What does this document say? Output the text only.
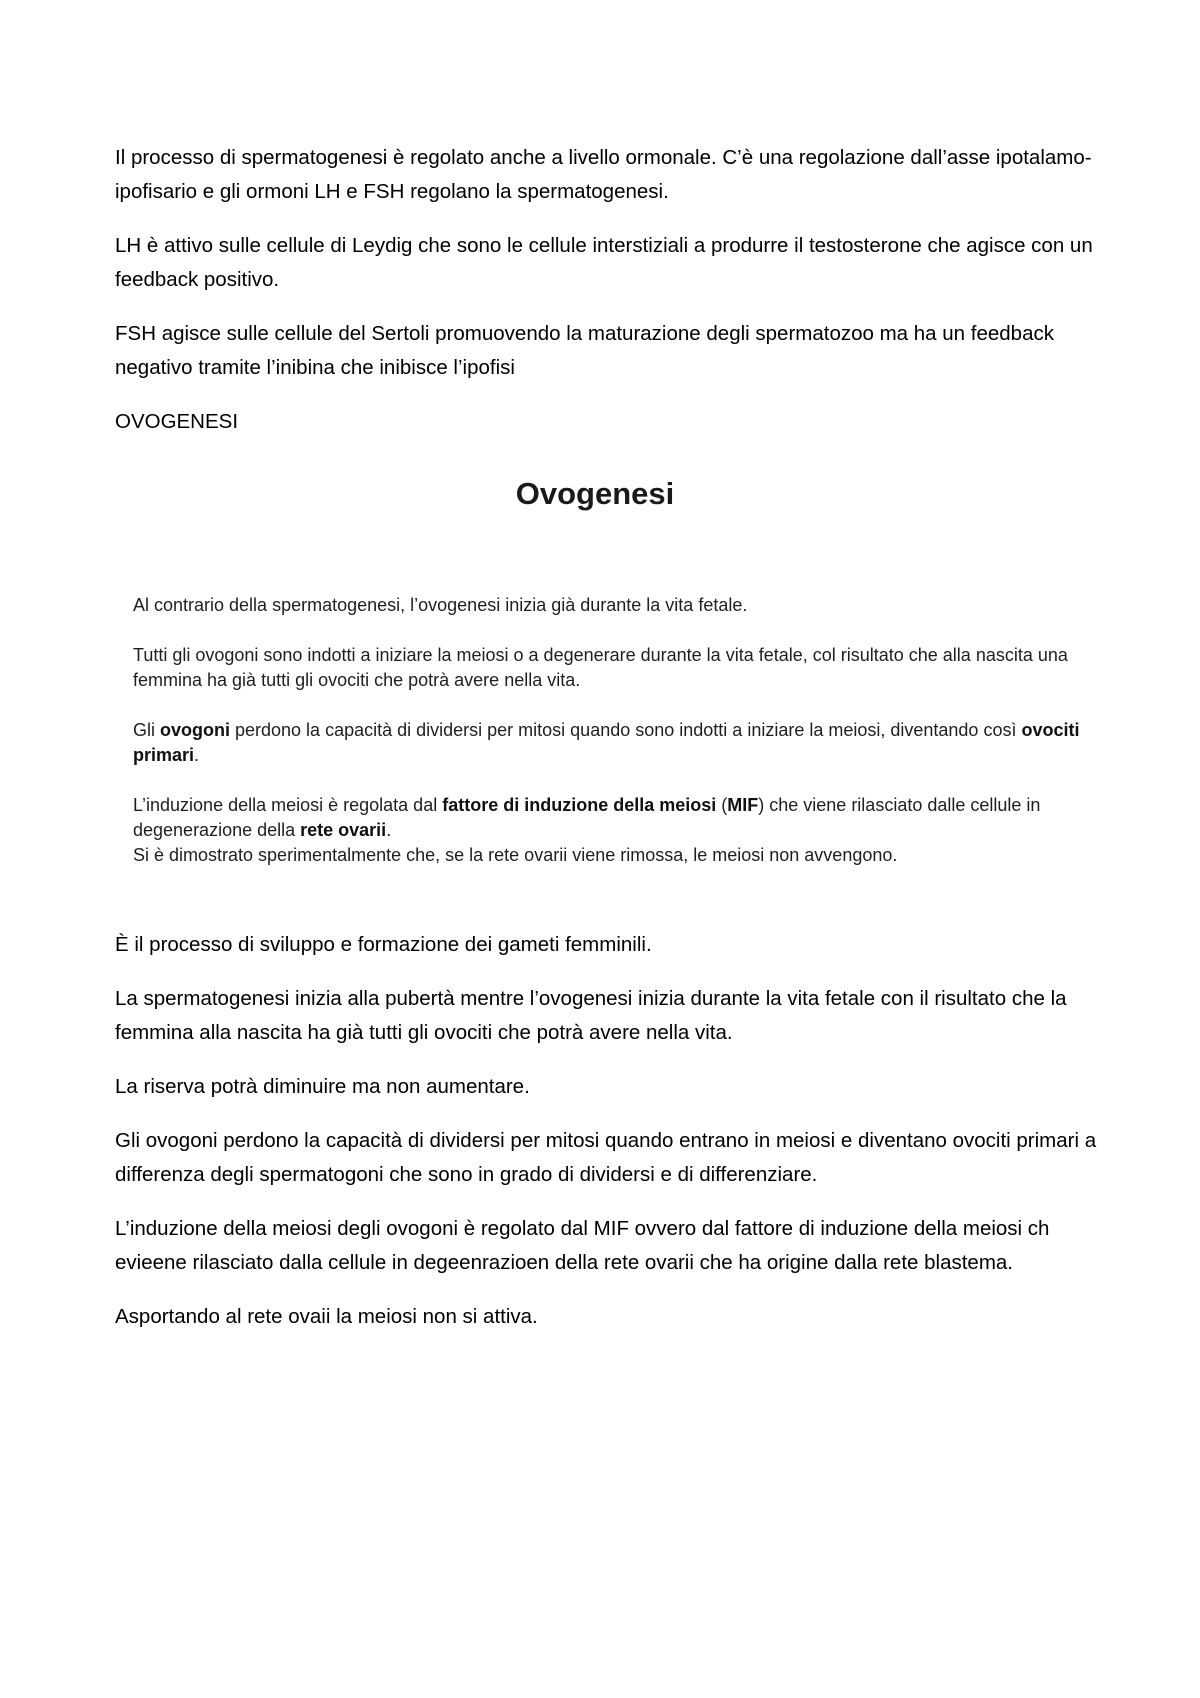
Il processo di spermatogenesi è regolato anche a livello ormonale. C’è una regolazione dall’asse ipotalamo-ipofisario e gli ormoni LH e FSH regolano la spermatogenesi.

LH è attivo sulle cellule di Leydig che sono le cellule interstiziali a produrre il testosterone che agisce con un feedback positivo.

FSH agisce sulle cellule del Sertoli promuovendo la maturazione degli spermatozoo ma ha un feedback negativo tramite l’inibina che inibisce l’ipofisi

OVOGENESI

Ovogenesi

Al contrario della spermatogenesi, l’ovogenesi inizia già durante la vita fetale.

Tutti gli ovogoni sono indotti a iniziare la meiosi o a degenerare durante la vita fetale, col risultato che alla nascita una femmina ha già tutti gli ovociti che potrà avere nella vita.

Gli ovogoni perdono la capacità di dividersi per mitosi quando sono indotti a iniziare la meiosi, diventando così ovociti primari.

L’induzione della meiosi è regolata dal fattore di induzione della meiosi (MIF) che viene rilasciato dalle cellule in degenerazione della rete ovarii.

Si è dimostrato sperimentalmente che, se la rete ovarii viene rimossa, le meiosi non avvengono.

È il processo di sviluppo e formazione dei gameti femminili.

La spermatogenesi inizia alla pubertà mentre l’ovogenesi inizia durante la vita fetale con il risultato che la femmina alla nascita ha già tutti gli ovociti che potrà avere nella vita.

La riserva potrà diminuire ma non aumentare.

Gli ovogoni perdono la capacità di dividersi per mitosi quando entrano in meiosi e diventano ovociti primari a differenza degli spermatogoni che sono in grado di dividersi e di differenziare.

L’induzione della meiosi degli ovogoni è regolato dal MIF ovvero dal fattore di induzione della meiosi ch evieene rilasciato dalla cellule in degeenrazioen della rete ovarii che ha origine dalla rete blastema.

Asportando al rete ovaii la meiosi non si attiva.
